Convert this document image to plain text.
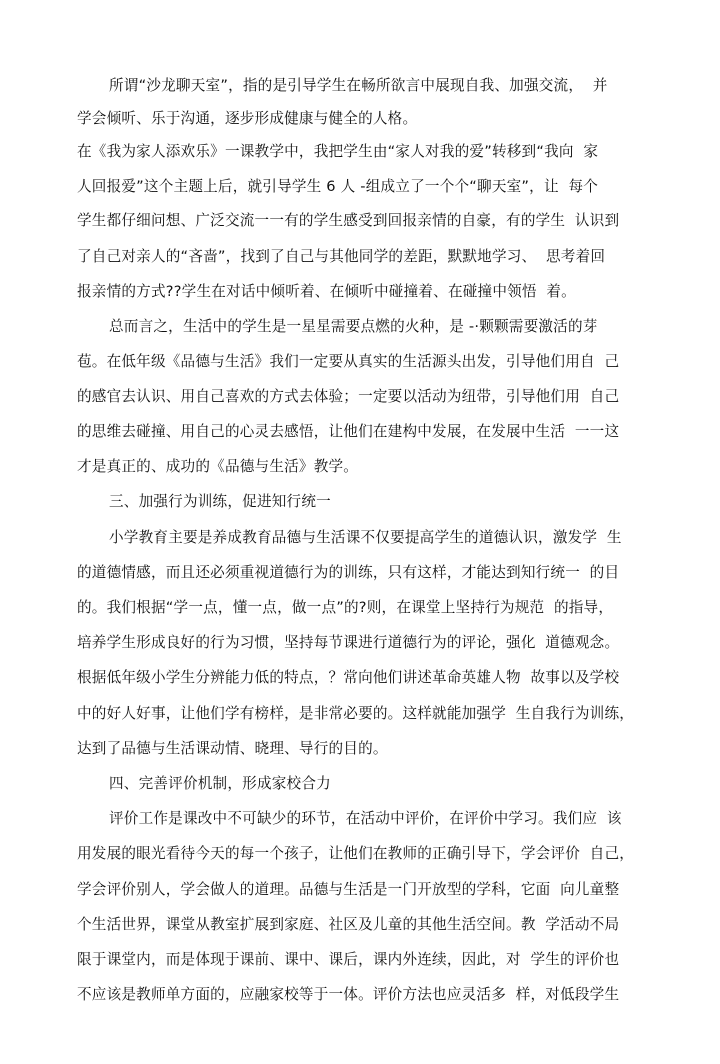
所谓“沙龙聊天室”，指的是引导学生在畅所欲言中展现自我、加强交流，  并
学会倾听、乐于沟通，逐步形成健康与健全的人格。
在《我为家人添欢乐》一课教学中，我把学生由“家人对我的爱”转移到“我向  家
人回报爱”这个主题上后，就引导学生 6 人 -组成立了一个个“聊天室”，让  每个
学生都仔细问想、广泛交流一一有的学生感受到回报亲情的自豪，有的学生  认识到
了自己对亲人的“吝啬”，找到了自己与其他同学的差距，默默地学习、  思考着回
报亲情的方式??学生在对话中倾听着、在倾听中碰撞着、在碰撞中领悟  着。
总而言之，生活中的学生是一星星需要点燃的火种，是 -·颗颗需要激活的芽
苞。在低年级《品德与生活》我们一定要从真实的生活源头出发，引导他们用自  己
的感官去认识、用自己喜欢的方式去体验；一定要以活动为纽带，引导他们用  自己
的思维去碰撞、用自己的心灵去感悟，让他们在建构中发展，在发展中生活  一一这
才是真正的、成功的《品德与生活》教学。
三、加强行为训练，促进知行统一
小学教育主要是养成教育品德与生活课不仅要提高学生的道德认识，激发学  生
的道德情感，而且还必须重视道德行为的训练，只有这样，才能达到知行统一  的目
的。我们根据“学一点，懂一点，做一点”的?则，在课堂上坚持行为规范  的指导，
培养学生形成良好的行为习惯，坚持每节课进行道德行为的评论，强化  道德观念。
根据低年级小学生分辨能力低的特点，？常向他们讲述革命英雄人物  故事以及学校
中的好人好事，让他们学有榜样，是非常必要的。这样就能加强学  生自我行为训练，
达到了品德与生活课动情、晓理、导行的目的。
四、完善评价机制，形成家校合力
评价工作是课改中不可缺少的环节，在活动中评价，在评价中学习。我们应  该
用发展的眼光看待今天的每一个孩子，让他们在教师的正确引导下，学会评价  自己，
学会评价别人，学会做人的道理。品德与生活是一门开放型的学科，它面  向儿童整
个生活世界，课堂从教室扩展到家庭、社区及儿童的其他生活空间。教  学活动不局
限于课堂内，而是体现于课前、课中、课后，课内外连续，因此，对  学生的评价也
不应该是教师单方面的，应融家校等于一体。评价方法也应灵活多  样，对低段学生
